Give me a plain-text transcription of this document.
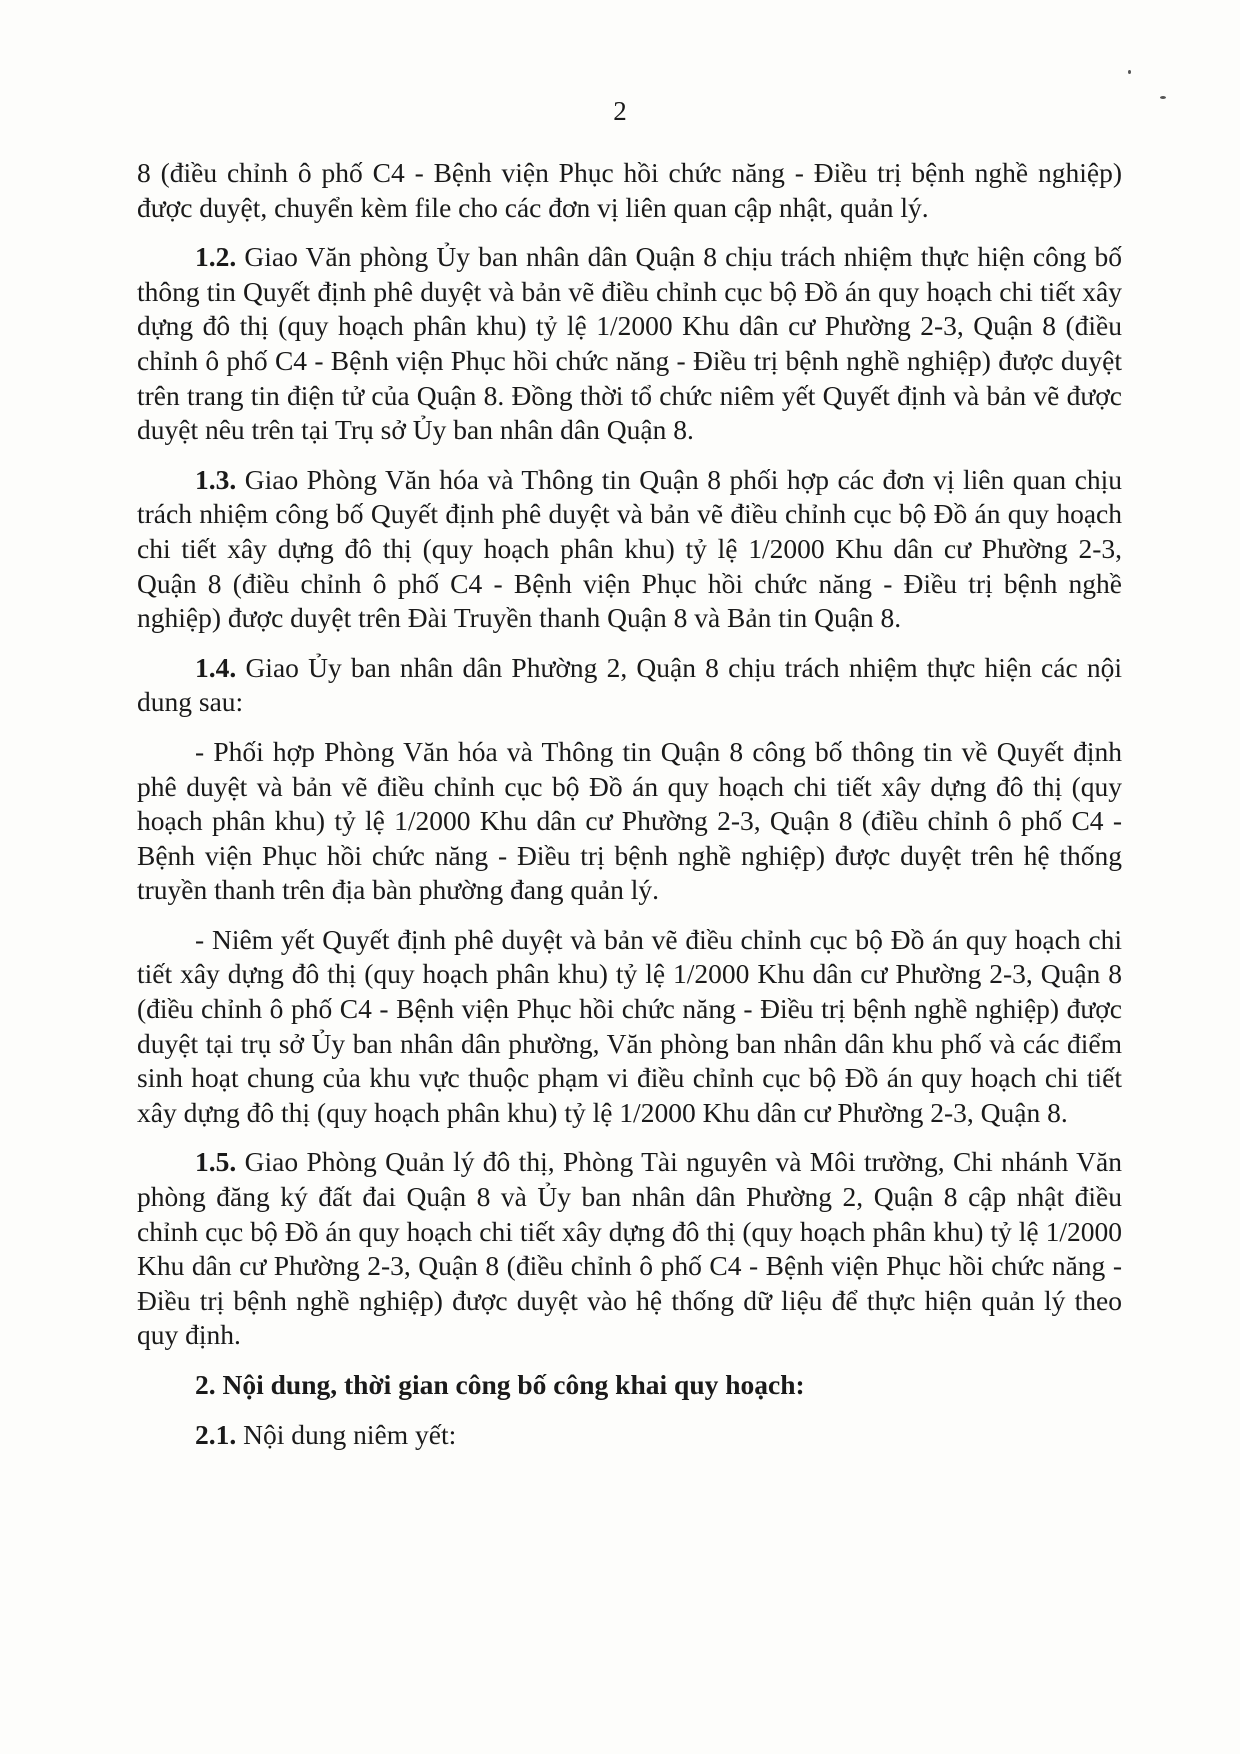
2

8 (điều chỉnh ô phố C4 - Bệnh viện Phục hồi chức năng - Điều trị bệnh nghề nghiệp) được duyệt, chuyển kèm file cho các đơn vị liên quan cập nhật, quản lý.

1.2. Giao Văn phòng Ủy ban nhân dân Quận 8 chịu trách nhiệm thực hiện công bố thông tin Quyết định phê duyệt và bản vẽ điều chỉnh cục bộ Đồ án quy hoạch chi tiết xây dựng đô thị (quy hoạch phân khu) tỷ lệ 1/2000 Khu dân cư Phường 2-3, Quận 8 (điều chỉnh ô phố C4 - Bệnh viện Phục hồi chức năng - Điều trị bệnh nghề nghiệp) được duyệt trên trang tin điện tử của Quận 8. Đồng thời tổ chức niêm yết Quyết định và bản vẽ được duyệt nêu trên tại Trụ sở Ủy ban nhân dân Quận 8.

1.3. Giao Phòng Văn hóa và Thông tin Quận 8 phối hợp các đơn vị liên quan chịu trách nhiệm công bố Quyết định phê duyệt và bản vẽ điều chỉnh cục bộ Đồ án quy hoạch chi tiết xây dựng đô thị (quy hoạch phân khu) tỷ lệ 1/2000 Khu dân cư Phường 2-3, Quận 8 (điều chỉnh ô phố C4 - Bệnh viện Phục hồi chức năng - Điều trị bệnh nghề nghiệp) được duyệt trên Đài Truyền thanh Quận 8 và Bản tin Quận 8.

1.4. Giao Ủy ban nhân dân Phường 2, Quận 8 chịu trách nhiệm thực hiện các nội dung sau:

- Phối hợp Phòng Văn hóa và Thông tin Quận 8 công bố thông tin về Quyết định phê duyệt và bản vẽ điều chỉnh cục bộ Đồ án quy hoạch chi tiết xây dựng đô thị (quy hoạch phân khu) tỷ lệ 1/2000 Khu dân cư Phường 2-3, Quận 8 (điều chỉnh ô phố C4 - Bệnh viện Phục hồi chức năng - Điều trị bệnh nghề nghiệp) được duyệt trên hệ thống truyền thanh trên địa bàn phường đang quản lý.

- Niêm yết Quyết định phê duyệt và bản vẽ điều chỉnh cục bộ Đồ án quy hoạch chi tiết xây dựng đô thị (quy hoạch phân khu) tỷ lệ 1/2000 Khu dân cư Phường 2-3, Quận 8 (điều chỉnh ô phố C4 - Bệnh viện Phục hồi chức năng - Điều trị bệnh nghề nghiệp) được duyệt tại trụ sở Ủy ban nhân dân phường, Văn phòng ban nhân dân khu phố và các điểm sinh hoạt chung của khu vực thuộc phạm vi điều chỉnh cục bộ Đồ án quy hoạch chi tiết xây dựng đô thị (quy hoạch phân khu) tỷ lệ 1/2000 Khu dân cư Phường 2-3, Quận 8.

1.5. Giao Phòng Quản lý đô thị, Phòng Tài nguyên và Môi trường, Chi nhánh Văn phòng đăng ký đất đai Quận 8 và Ủy ban nhân dân Phường 2, Quận 8 cập nhật điều chỉnh cục bộ Đồ án quy hoạch chi tiết xây dựng đô thị (quy hoạch phân khu) tỷ lệ 1/2000 Khu dân cư Phường 2-3, Quận 8 (điều chỉnh ô phố C4 - Bệnh viện Phục hồi chức năng - Điều trị bệnh nghề nghiệp) được duyệt vào hệ thống dữ liệu để thực hiện quản lý theo quy định.

2. Nội dung, thời gian công bố công khai quy hoạch:

2.1. Nội dung niêm yết:
